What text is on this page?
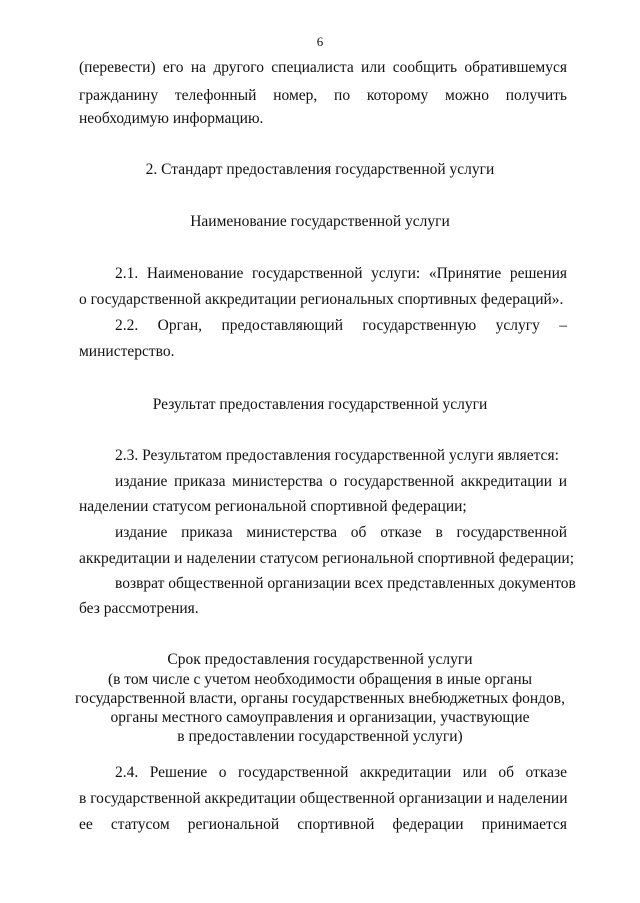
6
(перевести) его на другого специалиста или сообщить обратившемуся
гражданину телефонный номер, по которому можно получить
необходимую информацию.
2. Стандарт предоставления государственной услуги
Наименование государственной услуги
2.1. Наименование государственной услуги: «Принятие решения
о государственной аккредитации региональных спортивных федераций».
2.2. Орган, предоставляющий государственную услугу –
министерство.
Результат предоставления государственной услуги
2.3. Результатом предоставления государственной услуги является:
издание приказа министерства о государственной аккредитации и
наделении статусом региональной спортивной федерации;
издание приказа министерства об отказе в государственной
аккредитации и наделении статусом региональной спортивной федерации;
возврат общественной организации всех представленных документов
без рассмотрения.
Срок предоставления государственной услуги
(в том числе с учетом необходимости обращения в иные органы
государственной власти, органы государственных внебюджетных фондов,
органы местного самоуправления и организации, участвующие
в предоставлении государственной услуги)
2.4. Решение о государственной аккредитации или об отказе
в государственной аккредитации общественной организации и наделении
ее статусом региональной спортивной федерации принимается
